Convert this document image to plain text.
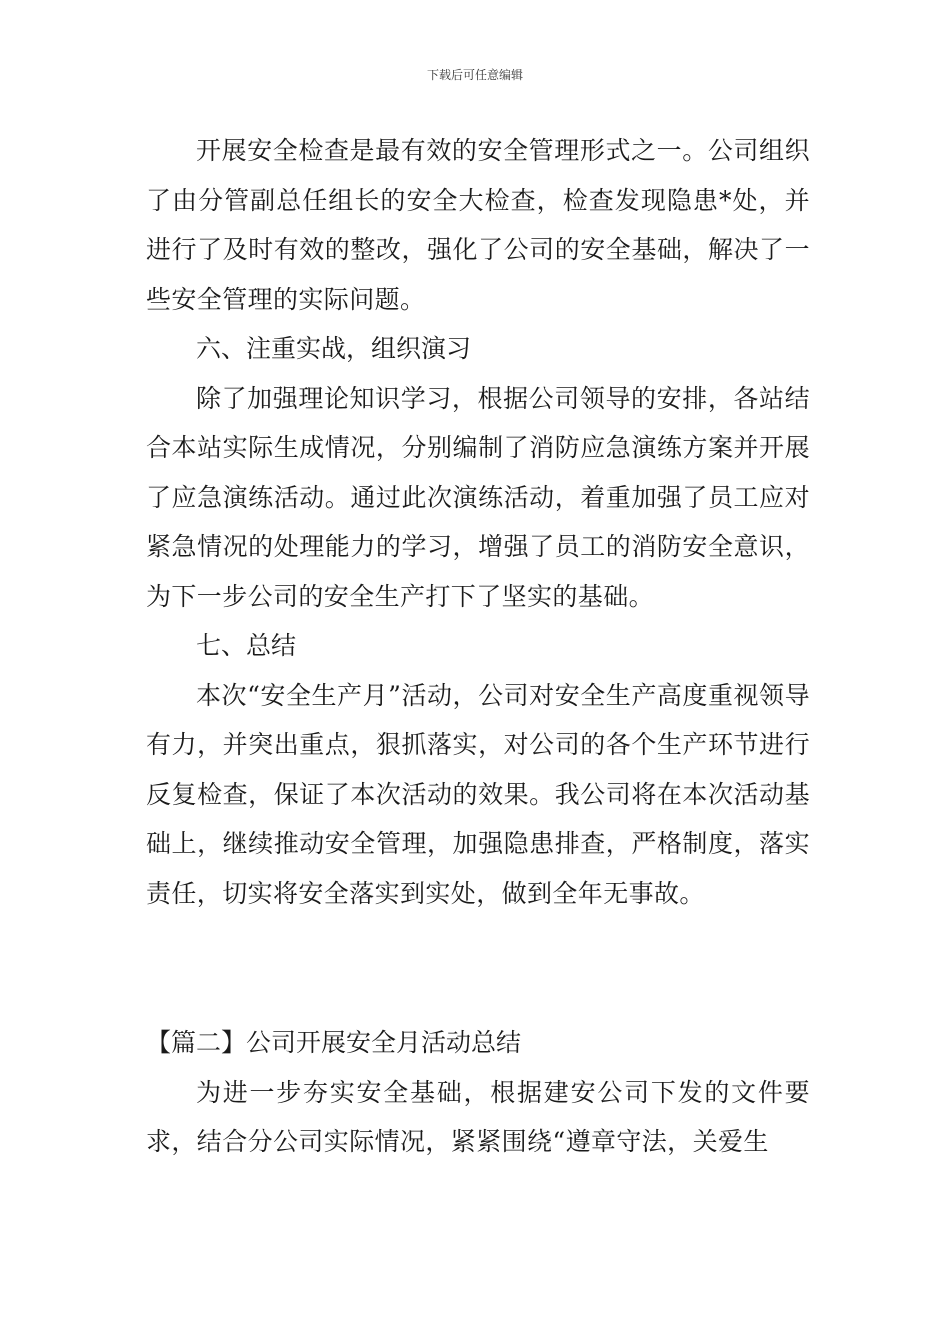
下载后可任意编辑

开展安全检查是最有效的安全管理形式之一。公司组织了由分管副总任组长的安全大检查，检查发现隐患*处，并进行了及时有效的整改，强化了公司的安全基础，解决了一些安全管理的实际问题。

六、注重实战，组织演习

除了加强理论知识学习，根据公司领导的安排，各站结合本站实际生成情况，分别编制了消防应急演练方案并开展了应急演练活动。通过此次演练活动，着重加强了员工应对紧急情况的处理能力的学习，增强了员工的消防安全意识，为下一步公司的安全生产打下了坚实的基础。

七、总结

本次“安全生产月”活动，公司对安全生产高度重视领导有力，并突出重点，狠抓落实，对公司的各个生产环节进行反复检查，保证了本次活动的效果。我公司将在本次活动基础上，继续推动安全管理，加强隐患排查，严格制度，落实责任，切实将安全落实到实处，做到全年无事故。

【篇二】公司开展安全月活动总结

为进一步夯实安全基础，根据建安公司下发的文件要求，结合分公司实际情况，紧紧围绕“遵章守法，关爱生
